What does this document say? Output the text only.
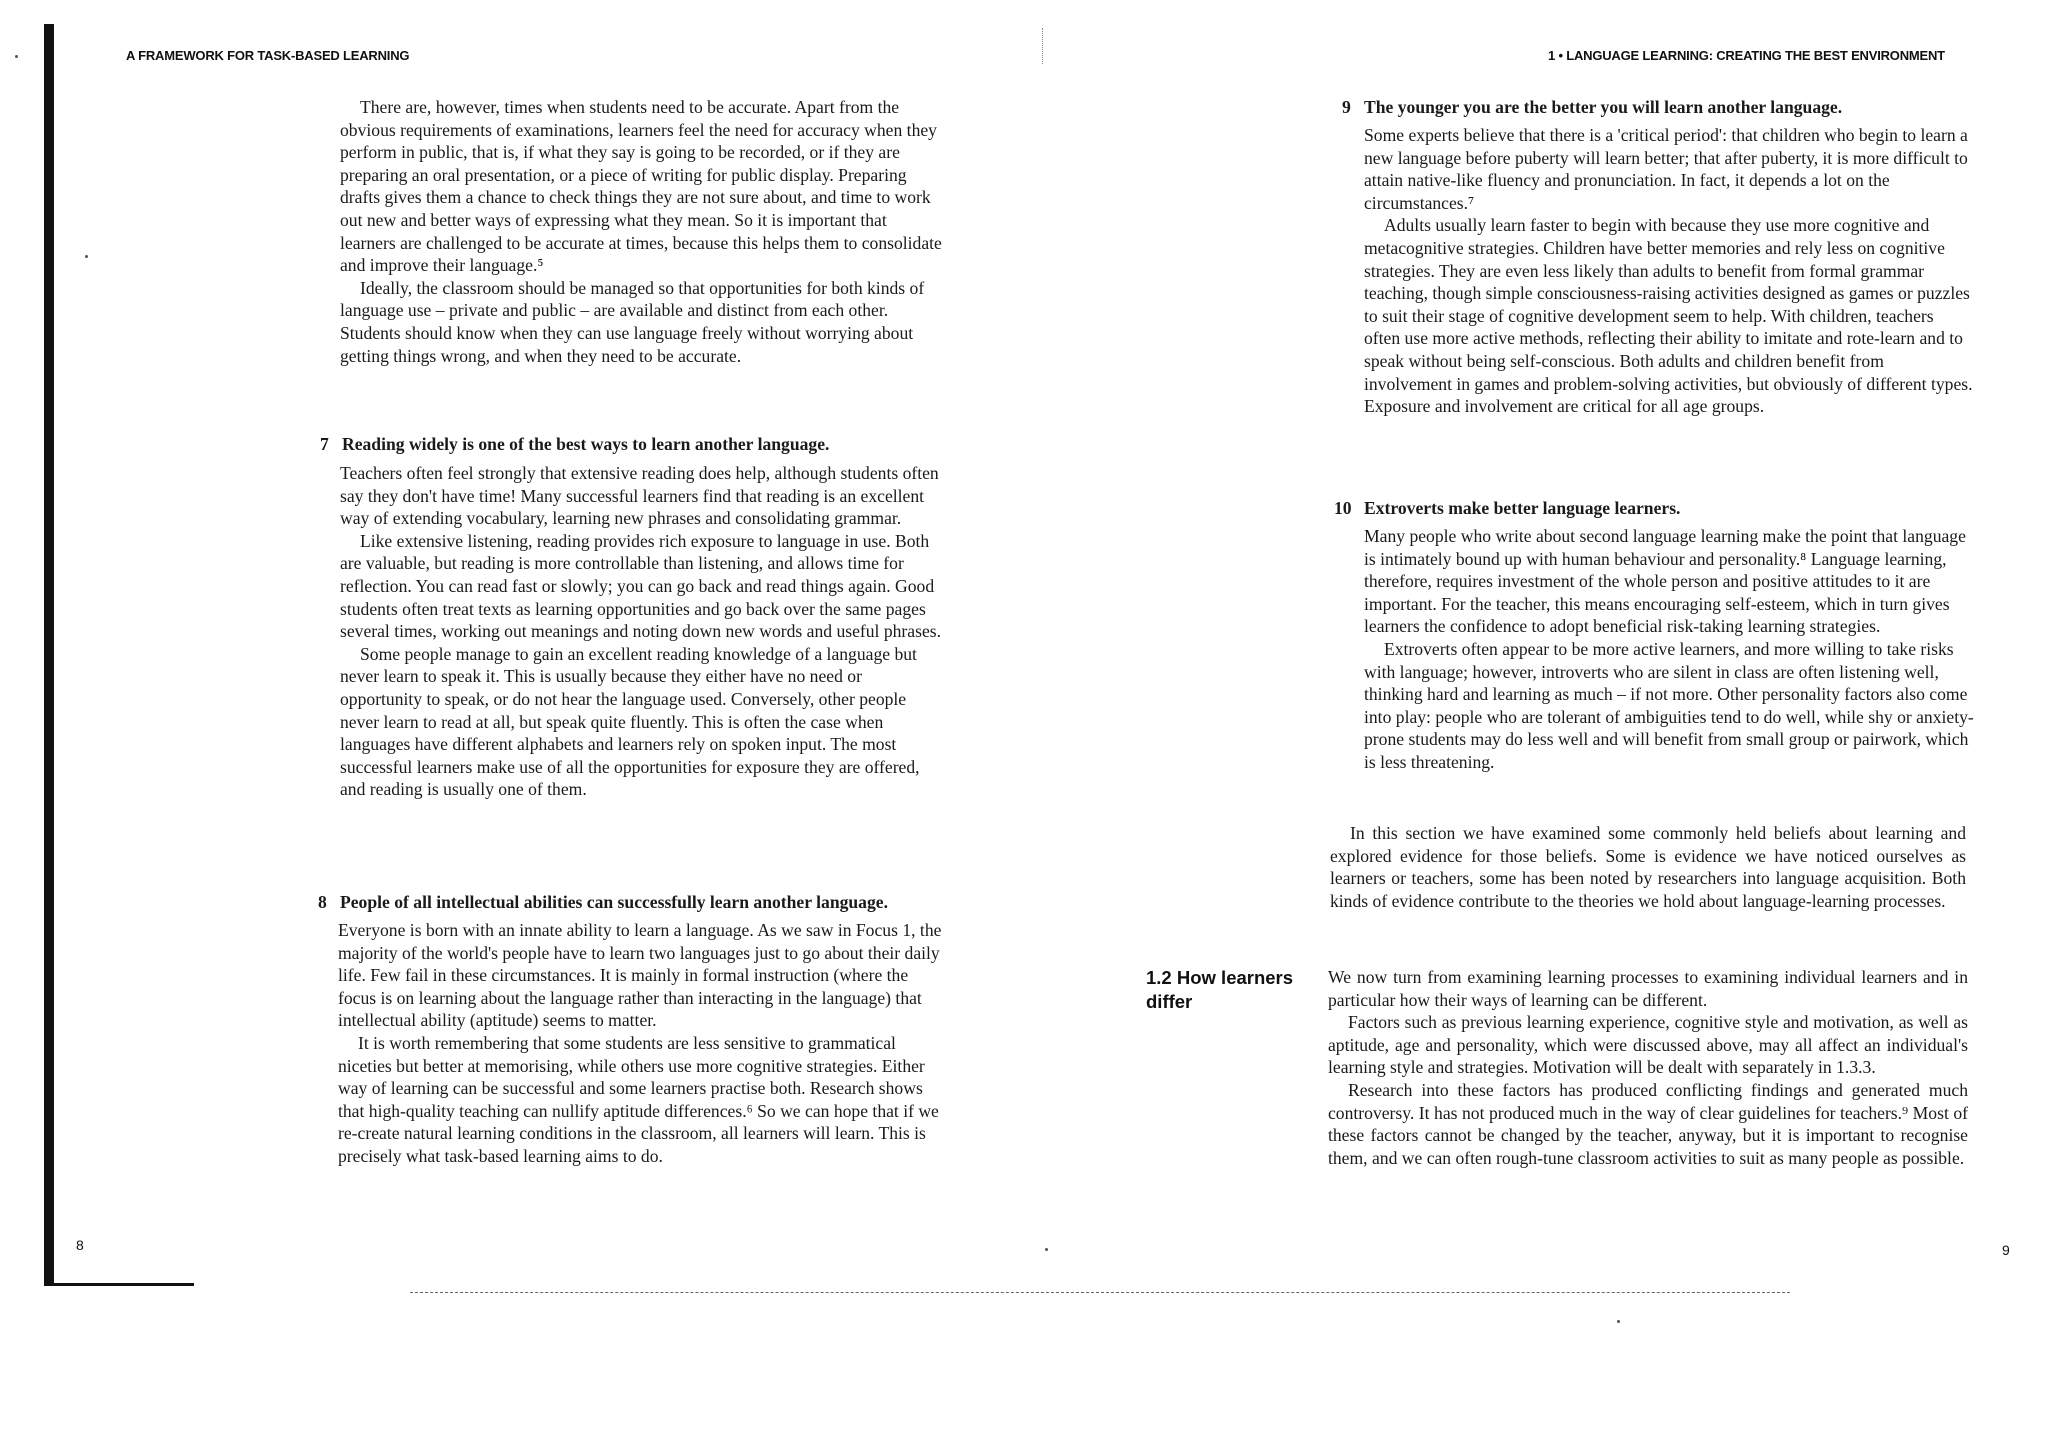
A FRAMEWORK FOR TASK-BASED LEARNING

There are, however, times when students need to be accurate. Apart from the obvious requirements of examinations, learners feel the need for accuracy when they perform in public, that is, if what they say is going to be recorded, or if they are preparing an oral presentation, or a piece of writing for public display. Preparing drafts gives them a chance to check things they are not sure about, and time to work out new and better ways of expressing what they mean. So it is important that learners are challenged to be accurate at times, because this helps them to consolidate and improve their language.⁵

Ideally, the classroom should be managed so that opportunities for both kinds of language use – private and public – are available and distinct from each other. Students should know when they can use language freely without worrying about getting things wrong, and when they need to be accurate.

7 Reading widely is one of the best ways to learn another language.

Teachers often feel strongly that extensive reading does help, although students often say they don't have time! Many successful learners find that reading is an excellent way of extending vocabulary, learning new phrases and consolidating grammar.

Like extensive listening, reading provides rich exposure to language in use. Both are valuable, but reading is more controllable than listening, and allows time for reflection. You can read fast or slowly; you can go back and read things again. Good students often treat texts as learning opportunities and go back over the same pages several times, working out meanings and noting down new words and useful phrases.

Some people manage to gain an excellent reading knowledge of a language but never learn to speak it. This is usually because they either have no need or opportunity to speak, or do not hear the language used. Conversely, other people never learn to read at all, but speak quite fluently. This is often the case when languages have different alphabets and learners rely on spoken input. The most successful learners make use of all the opportunities for exposure they are offered, and reading is usually one of them.

8 People of all intellectual abilities can successfully learn another language.

Everyone is born with an innate ability to learn a language. As we saw in Focus 1, the majority of the world's people have to learn two languages just to go about their daily life. Few fail in these circumstances. It is mainly in formal instruction (where the focus is on learning about the language rather than interacting in the language) that intellectual ability (aptitude) seems to matter.

It is worth remembering that some students are less sensitive to grammatical niceties but better at memorising, while others use more cognitive strategies. Either way of learning can be successful and some learners practise both. Research shows that high-quality teaching can nullify aptitude differences.⁶ So we can hope that if we re-create natural learning conditions in the classroom, all learners will learn. This is precisely what task-based learning aims to do.

8
1 • LANGUAGE LEARNING: CREATING THE BEST ENVIRONMENT
9 The younger you are the better you will learn another language.

Some experts believe that there is a 'critical period': that children who begin to learn a new language before puberty will learn better; that after puberty, it is more difficult to attain native-like fluency and pronunciation. In fact, it depends a lot on the circumstances.⁷

Adults usually learn faster to begin with because they use more cognitive and metacognitive strategies. Children have better memories and rely less on cognitive strategies. They are even less likely than adults to benefit from formal grammar teaching, though simple consciousness-raising activities designed as games or puzzles to suit their stage of cognitive development seem to help. With children, teachers often use more active methods, reflecting their ability to imitate and rote-learn and to speak without being self-conscious. Both adults and children benefit from involvement in games and problem-solving activities, but obviously of different types. Exposure and involvement are critical for all age groups.

10 Extroverts make better language learners.

Many people who write about second language learning make the point that language is intimately bound up with human behaviour and personality.⁸ Language learning, therefore, requires investment of the whole person and positive attitudes to it are important. For the teacher, this means encouraging self-esteem, which in turn gives learners the confidence to adopt beneficial risk-taking learning strategies.

Extroverts often appear to be more active learners, and more willing to take risks with language; however, introverts who are silent in class are often listening well, thinking hard and learning as much – if not more. Other personality factors also come into play: people who are tolerant of ambiguities tend to do well, while shy or anxiety-prone students may do less well and will benefit from small group or pairwork, which is less threatening.

In this section we have examined some commonly held beliefs about learning and explored evidence for those beliefs. Some is evidence we have noticed ourselves as learners or teachers, some has been noted by researchers into language acquisition. Both kinds of evidence contribute to the theories we hold about language-learning processes.

We now turn from examining learning processes to examining individual learners and in particular how their ways of learning can be different.

Factors such as previous learning experience, cognitive style and motivation, as well as aptitude, age and personality, which were discussed above, may all affect an individual's learning style and strategies. Motivation will be dealt with separately in 1.3.3.

Research into these factors has produced conflicting findings and generated much controversy. It has not produced much in the way of clear guidelines for teachers.⁹ Most of these factors cannot be changed by the teacher, anyway, but it is important to recognise them, and we can often rough-tune classroom activities to suit as many people as possible.

9
1.2 How learners differ
